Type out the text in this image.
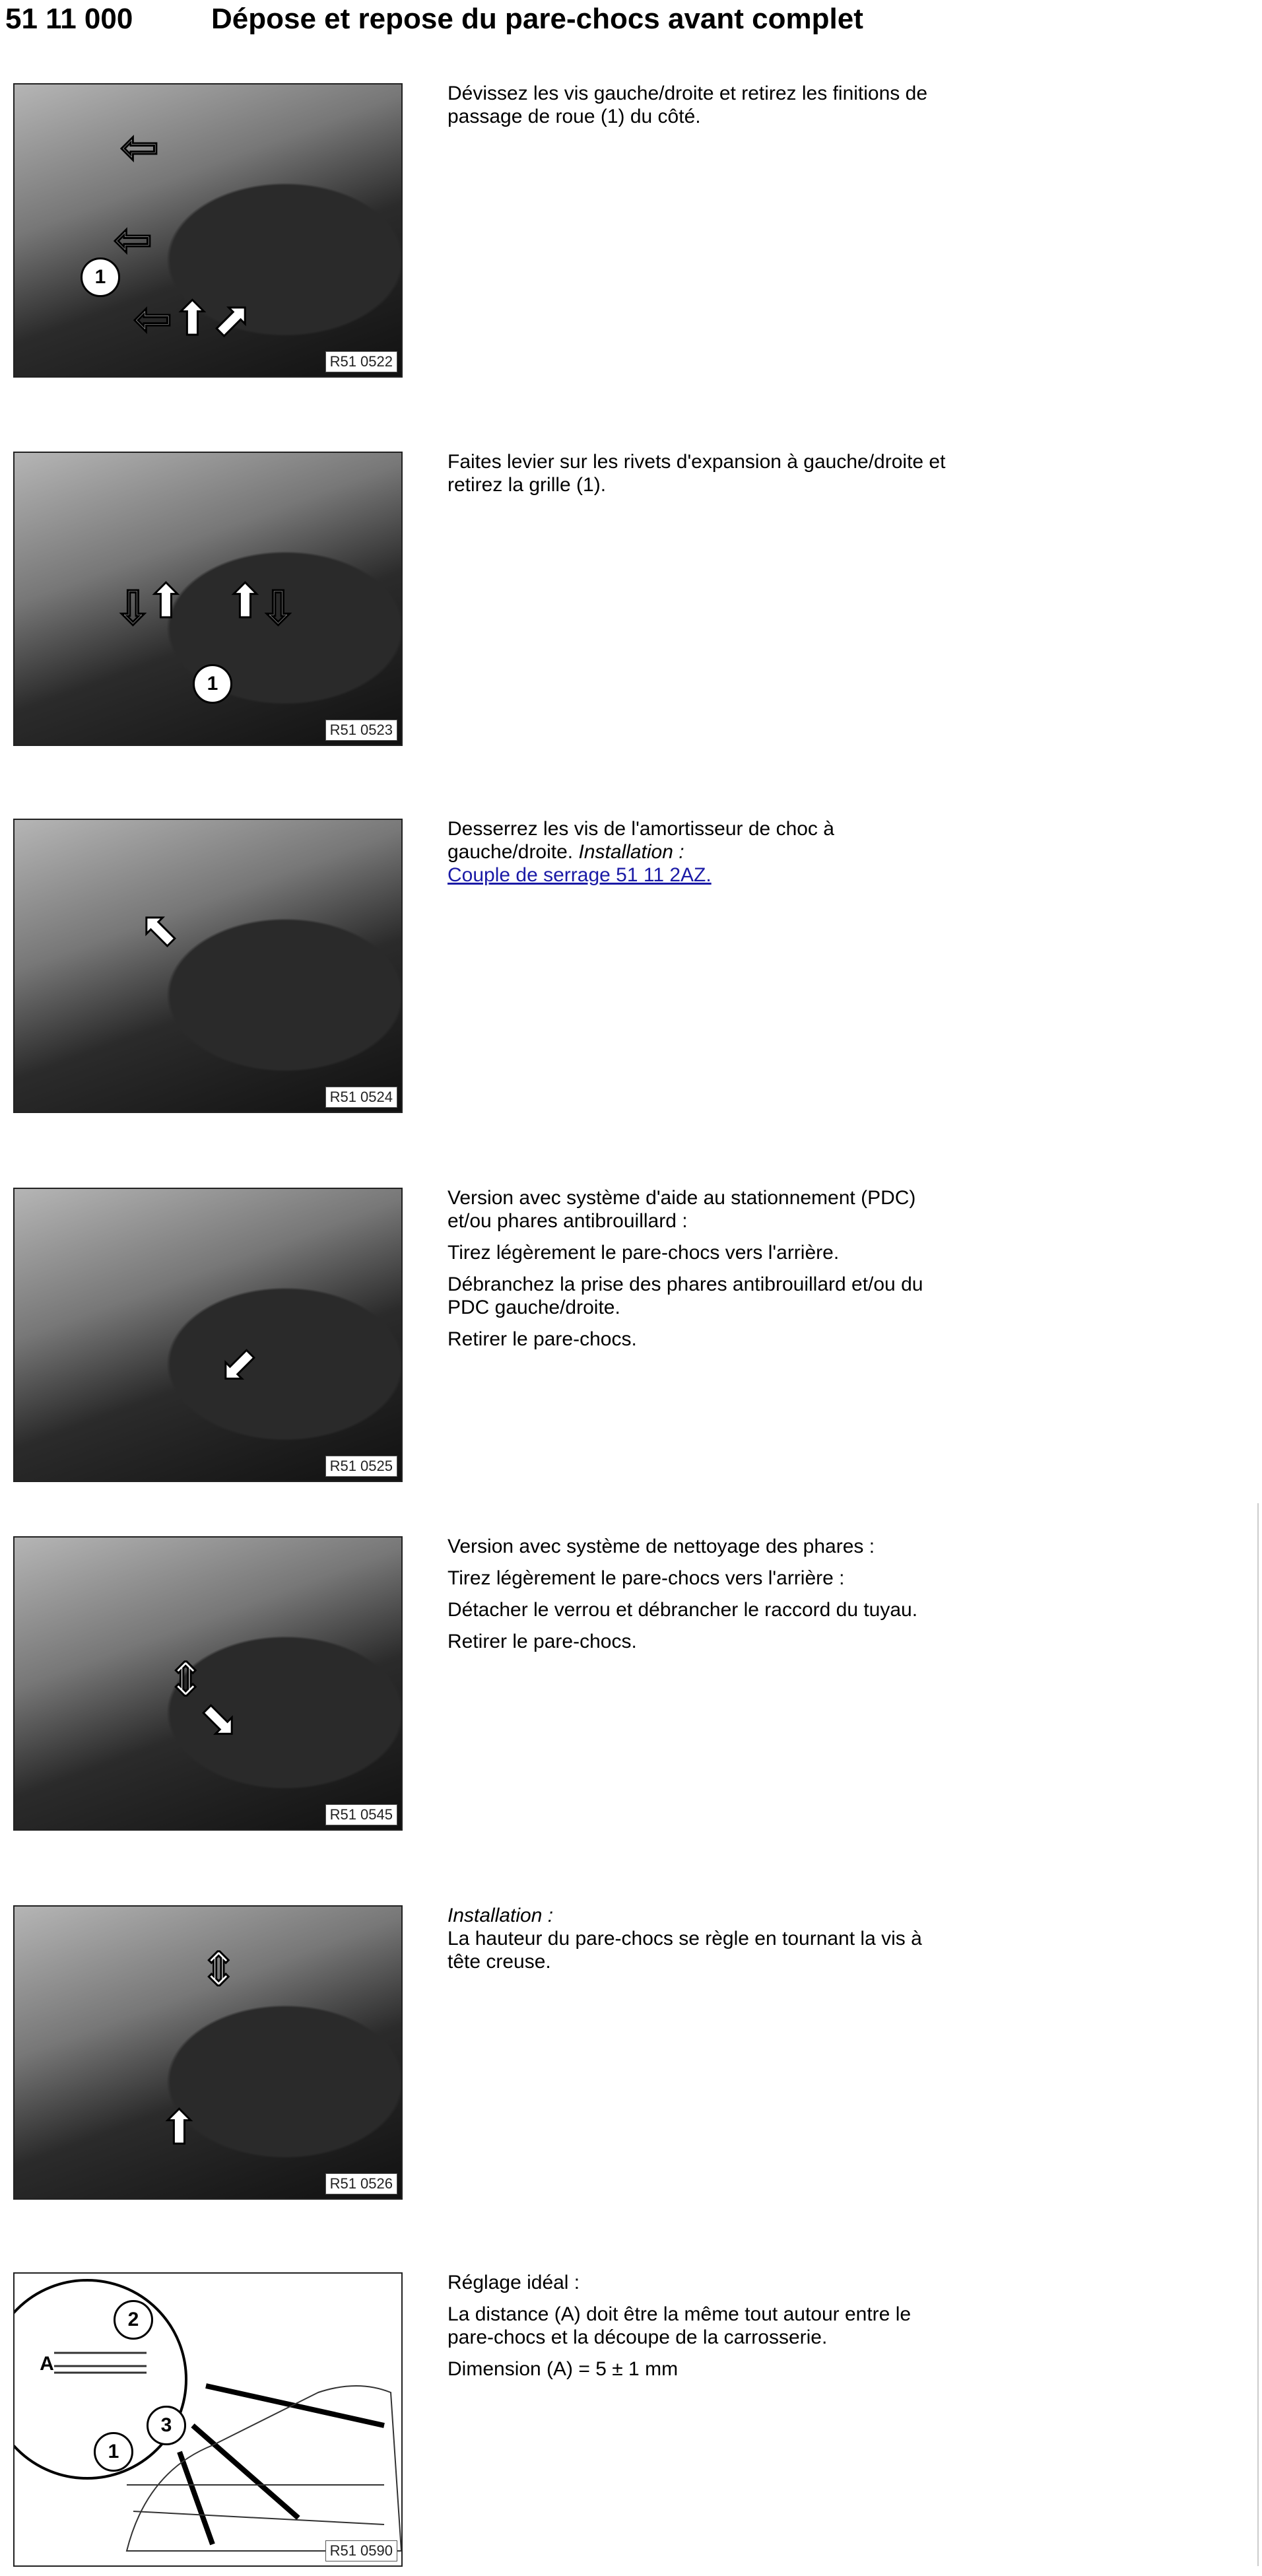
51 11 000	Dépose et repose du pare-chocs avant complet
⇦
⇦
⇦ ⬆ ⬈
1
R51 0522

Dévissez les vis gauche/droite et retirez les finitions de passage de roue (1) du côté.

⇩ ⇩
⬆ ⬆
1
R51 0523

Faites levier sur les rivets d'expansion à gauche/droite et retirez la grille (1).

⬉
R51 0524

Desserrez les vis de l'amortisseur de choc à gauche/droite. Installation :
Couple de serrage 51 11 2AZ.

⬋
R51 0525

Version avec système d'aide au stationnement (PDC) et/ou phares antibrouillard :

Tirez légèrement le pare-chocs vers l'arrière.

Débranchez la prise des phares antibrouillard et/ou du PDC gauche/droite.

Retirer le pare-chocs.

⇕
⬊
R51 0545

Version avec système de nettoyage des phares :

Tirez légèrement le pare-chocs vers l'arrière :

Détacher le verrou et débrancher le raccord du tuyau.

Retirer le pare-chocs.

⇕
⬆
R51 0526

Installation :
La hauteur du pare-chocs se règle en tournant la vis à tête creuse.

2
A
1
3
R51 0590

Réglage idéal :

La distance (A) doit être la même tout autour entre le pare-chocs et la découpe de la carrosserie.

Dimension (A) = 5 ± 1 mm
